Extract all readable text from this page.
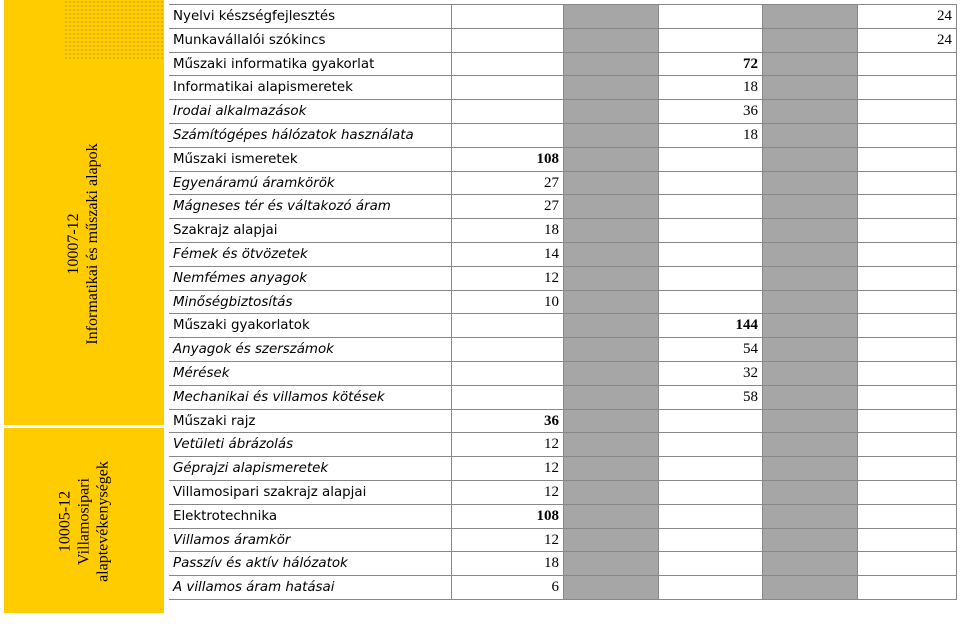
10007-12 Informatikai és műszaki alapok
10005-12 Villamosipari alaptevékenységek
Nyelvi készségfejlesztés	24
Munkavállalói szókincs	24
Műszaki informatika gyakorlat	72
Informatikai alapismeretek	18
Irodai alkalmazások	36
Számítógépes hálózatok használata	18
Műszaki ismeretek	108
Egyenáramú áramkörök	27
Mágneses tér és váltakozó áram	27
Szakrajz alapjai	18
Fémek és ötvözetek	14
Nemfémes anyagok	12
Minőségbiztosítás	10
Műszaki gyakorlatok	144
Anyagok és szerszámok	54
Mérések	32
Mechanikai és villamos kötések	58
Műszaki rajz	36
Vetületi ábrázolás	12
Géprajzi alapismeretek	12
Villamosipari szakrajz alapjai	12
Elektrotechnika	108
Villamos áramkör	12
Passzív és aktív hálózatok	18
A villamos áram hatásai	6
